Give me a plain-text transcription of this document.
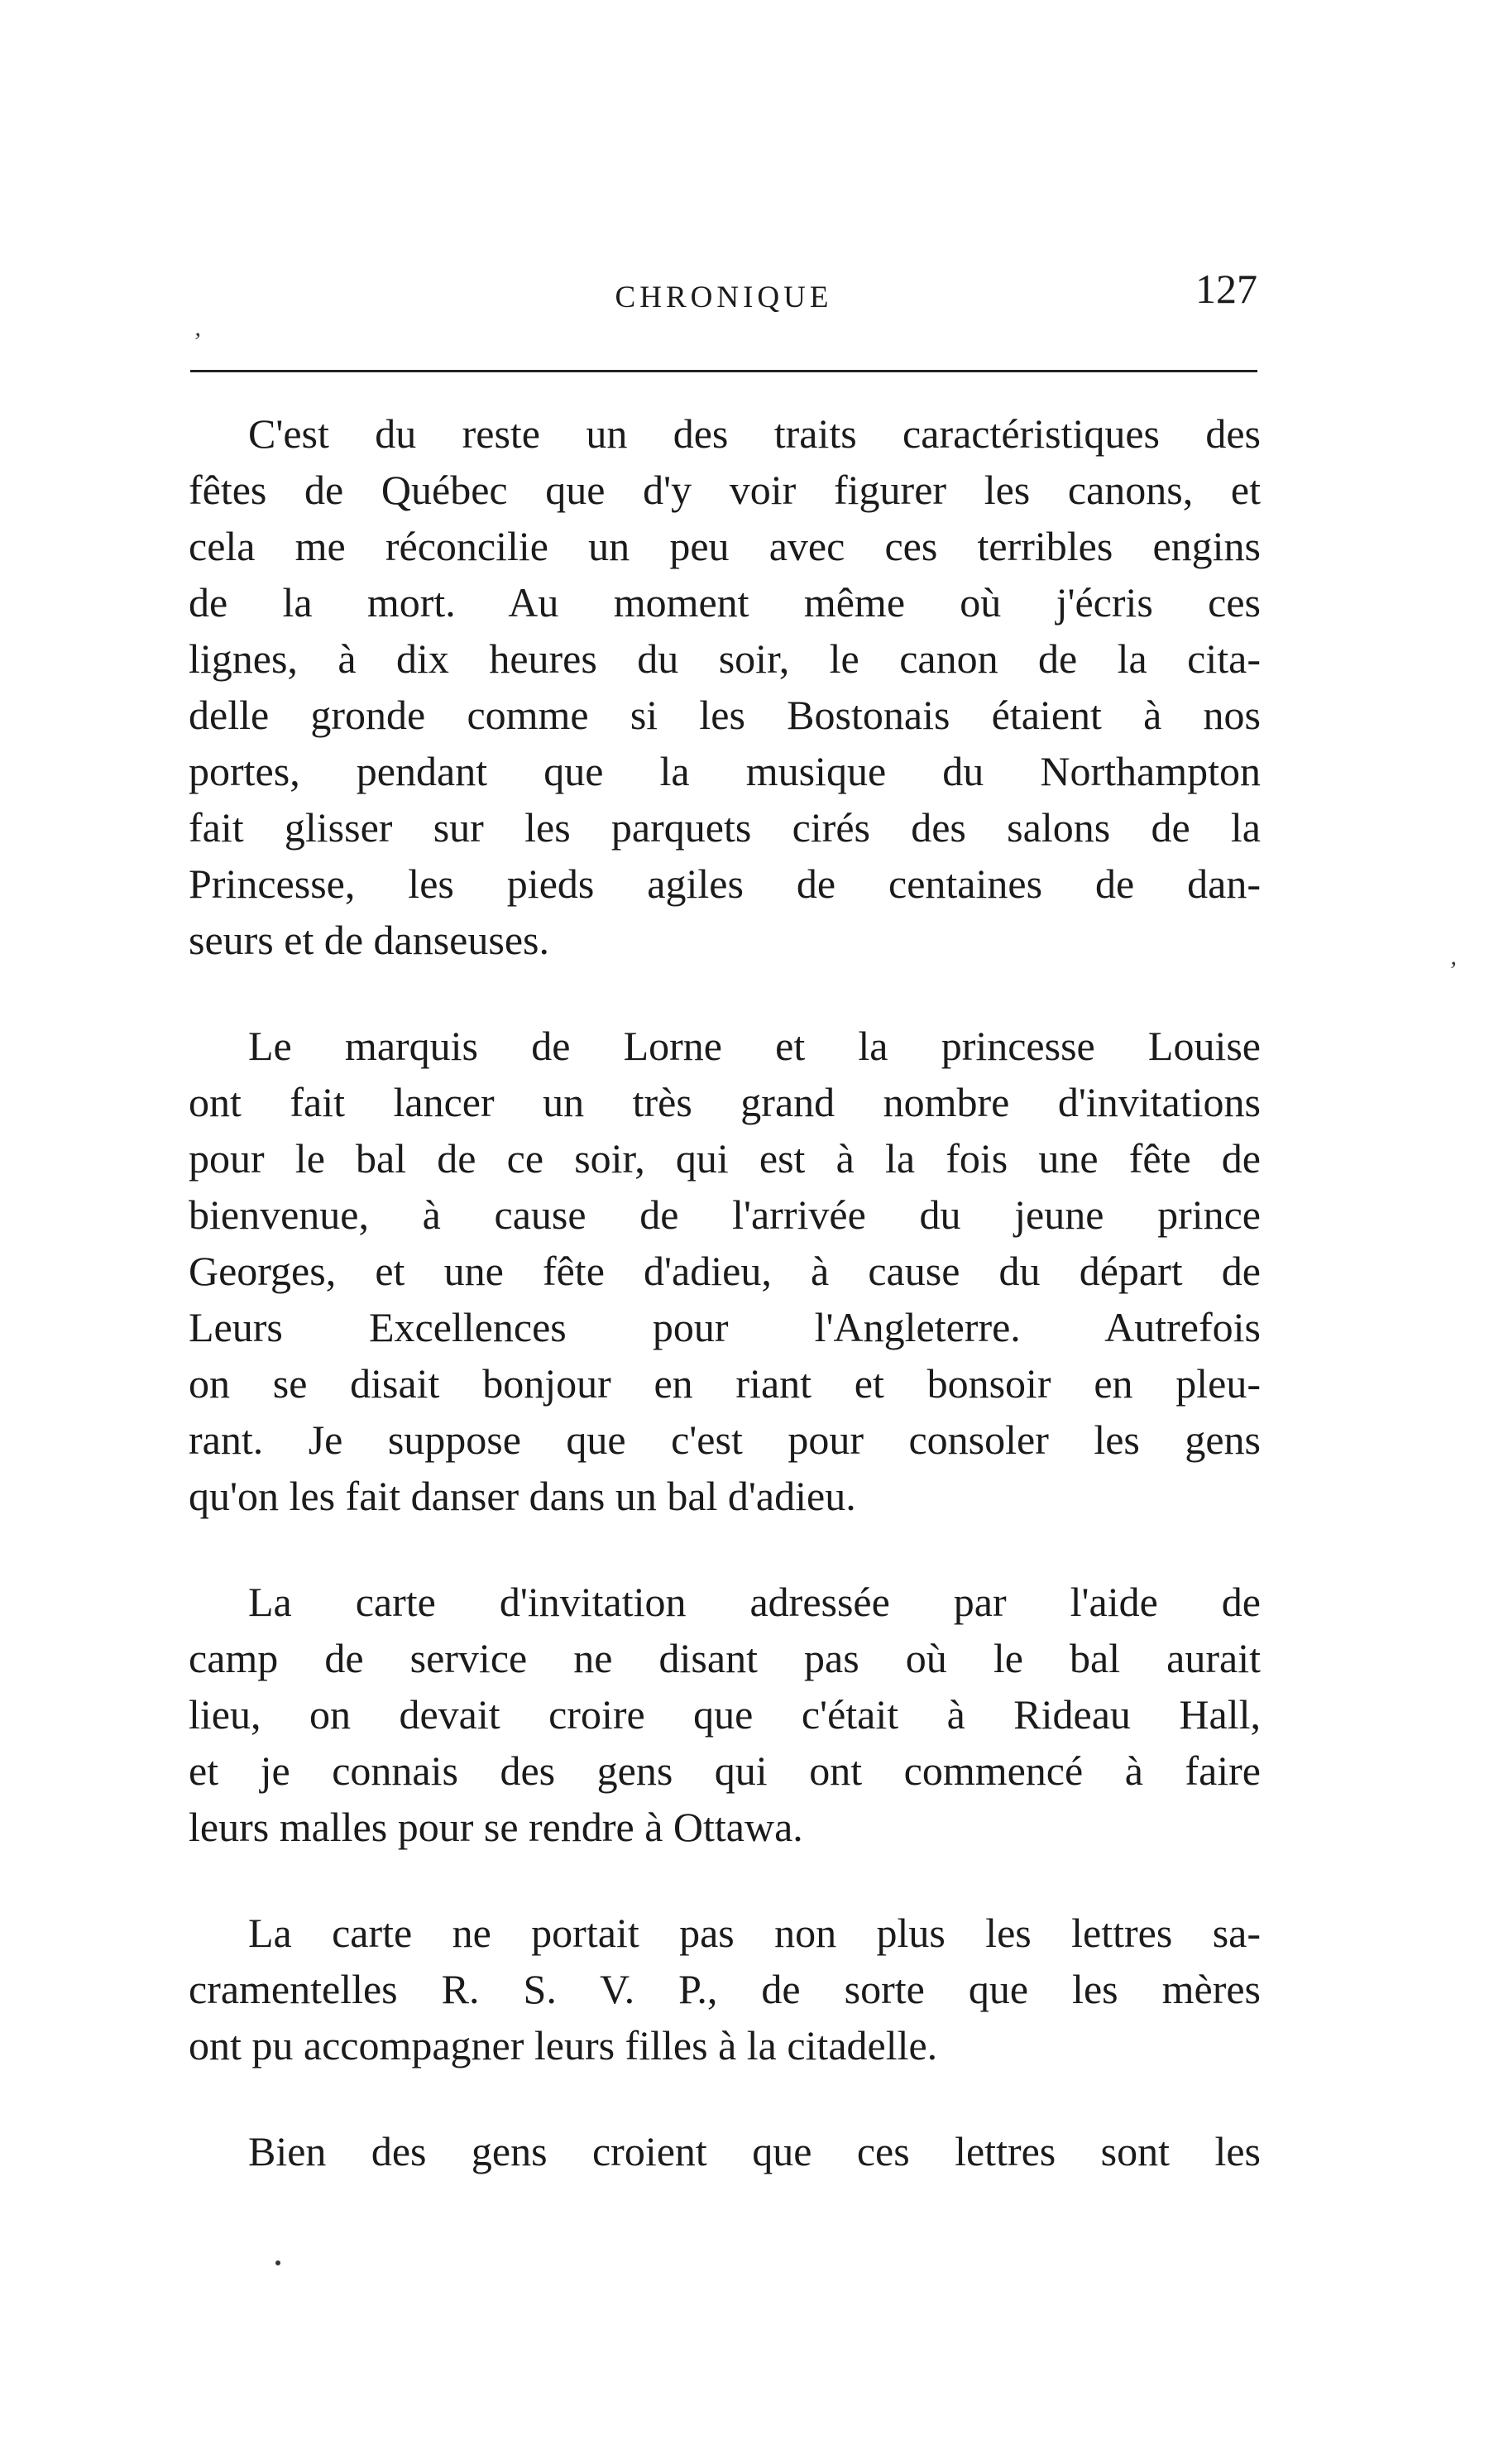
CHRONIQUE	127
’
’

C'est du reste un des traits caractéristiques des
fêtes de Québec que d'y voir figurer les canons, et
cela me réconcilie un peu avec ces terribles engins
de la mort. Au moment même où j'écris ces
lignes, à dix heures du soir, le canon de la cita-
delle gronde comme si les Bostonais étaient à nos
portes, pendant que la musique du Northampton
fait glisser sur les parquets cirés des salons de la
Princesse, les pieds agiles de centaines de dan-
seurs et de danseuses.

Le marquis de Lorne et la princesse Louise
ont fait lancer un très grand nombre d'invitations
pour le bal de ce soir, qui est à la fois une fête de
bienvenue, à cause de l'arrivée du jeune prince
Georges, et une fête d'adieu, à cause du départ de
Leurs Excellences pour l'Angleterre. Autrefois
on se disait bonjour en riant et bonsoir en pleu-
rant. Je suppose que c'est pour consoler les gens
qu'on les fait danser dans un bal d'adieu.

La carte d'invitation adressée par l'aide de
camp de service ne disant pas où le bal aurait
lieu, on devait croire que c'était à Rideau Hall,
et je connais des gens qui ont commencé à faire
leurs malles pour se rendre à Ottawa.

La carte ne portait pas non plus les lettres sa-
cramentelles R. S. V. P., de sorte que les mères
ont pu accompagner leurs filles à la citadelle.

Bien des gens croient que ces lettres sont les
